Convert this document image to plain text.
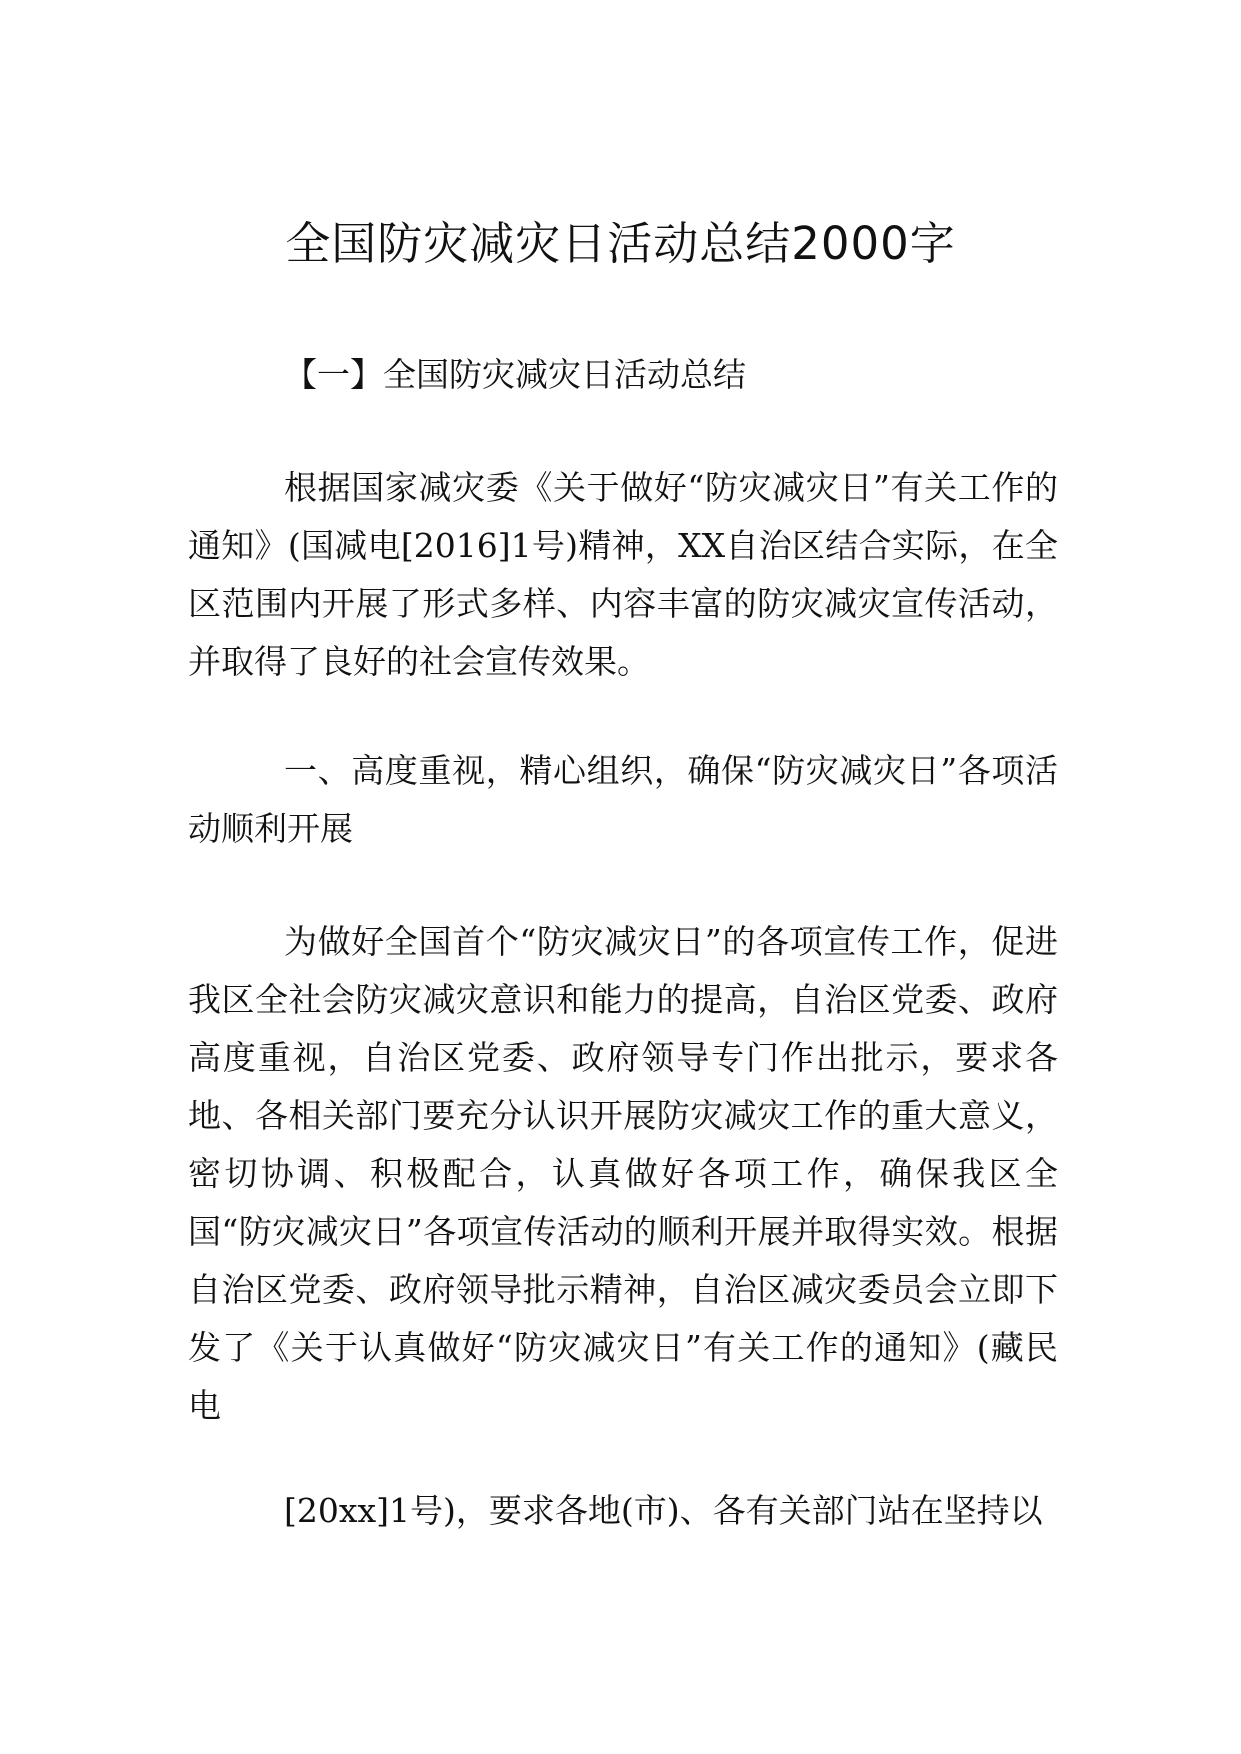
全国防灾减灾日活动总结2000字

【一】全国防灾减灾日活动总结

根据国家减灾委《关于做好“防灾减灾日”有关工作的通知》(国减电[2016]1号)精神，XX自治区结合实际，在全区范围内开展了形式多样、内容丰富的防灾减灾宣传活动，并取得了良好的社会宣传效果。

一、高度重视，精心组织，确保“防灾减灾日”各项活动顺利开展

为做好全国首个“防灾减灾日”的各项宣传工作，促进我区全社会防灾减灾意识和能力的提高，自治区党委、政府高度重视，自治区党委、政府领导专门作出批示，要求各地、各相关部门要充分认识开展防灾减灾工作的重大意义，密切协调、积极配合，认真做好各项工作，确保我区全国“防灾减灾日”各项宣传活动的顺利开展并取得实效。根据自治区党委、政府领导批示精神，自治区减灾委员会立即下发了《关于认真做好“防灾减灾日”有关工作的通知》(藏民电

[20xx]1号)，要求各地(市)、各有关部门站在坚持以
